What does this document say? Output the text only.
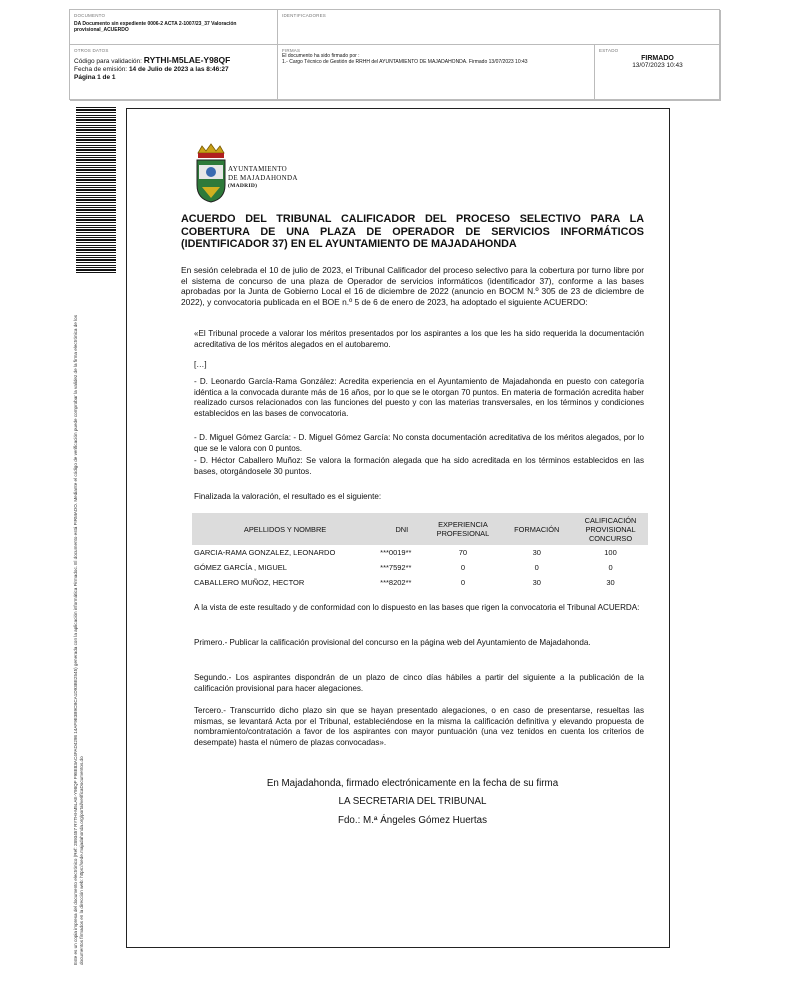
DOCUMENTO
DA Documento sin expediente 0006-2 ACTA 2-1007/23_37 Valoración provisional_ACUERDO
IDENTIFICADORES
OTROS DATOS
Código para validación: RYTHI-M5LAE-Y98QF
Fecha de emisión: 14 de Julio de 2023 a las 8:46:27
Página 1 de 1
FIRMAS
El documento ha sido firmado por :
1.- Cargo Técnico de Gestión de RRHH del AYUNTAMIENTO DE MAJADAHONDA. Firmado 13/07/2023 10:43
ESTADO
FIRMADO
13/07/2023 10:43
Este es un copia impresa del documento electrónico (Ref: 2893457 RYTHI-M5LAE-Y98QF F98E83AC4FAD4298 14AF9E3B9CBCA1D93BE2545) generada con la aplicación informática Firmadoc. El documento está FIRMADO. Mediante el código de verificación puede comprobar la validez de la firma electrónica de los documentos firmados en la dirección web: https://sede.majadahonda.org/portal/verificaDocumentos.do
AYUNTAMIENTO
DE MAJADAHONDA
(MADRID)
ACUERDO DEL TRIBUNAL CALIFICADOR DEL PROCESO SELECTIVO PARA LA COBERTURA DE UNA PLAZA DE OPERADOR DE SERVICIOS INFORMÁTICOS (IDENTIFICADOR 37) EN EL AYUNTAMIENTO DE MAJADAHONDA
En sesión celebrada el 10 de julio de 2023, el Tribunal Calificador del proceso selectivo para la cobertura por turno libre por el sistema de concurso de una plaza de Operador de servicios informáticos (identificador 37), conforme a las bases aprobadas por la Junta de Gobierno Local el 16 de diciembre de 2022 (anuncio en BOCM N.º 305 de 23 de diciembre de 2022), y convocatoria publicada en el BOE n.º 5 de 6 de enero de 2023, ha adoptado el siguiente ACUERDO:
«El Tribunal procede a valorar los méritos presentados por los aspirantes a los que les ha sido requerida la documentación acreditativa de los méritos alegados en el autobaremo.
[…]
- D. Leonardo García-Rama González: Acredita experiencia en el Ayuntamiento de Majadahonda en puesto con categoría idéntica a la convocada durante más de 16 años, por lo que se le otorgan 70 puntos. En materia de formación acredita haber realizado cursos relacionados con las funciones del puesto y con las materias transversales, en los términos y condiciones establecidos en las bases de convocatoria.
- D. Miguel Gómez García: - D. Miguel Gómez García: No consta documentación acreditativa de los méritos alegados, por lo que se le valora con 0 puntos.
- D. Héctor Caballero Muñoz: Se valora la formación alegada que ha sido acreditada en los términos establecidos en las bases, otorgándosele 30 puntos.
Finalizada la valoración, el resultado es el siguiente:
APELLIDOS Y NOMBRE	DNI	EXPERIENCIA PROFESIONAL	FORMACIÓN	CALIFICACIÓN PROVISIONAL CONCURSO
GARCIA-RAMA GONZALEZ, LEONARDO	***0019**	70	30	100
GÓMEZ GARCÍA , MIGUEL	***7592**	0	0	0
CABALLERO MUÑOZ, HECTOR	***8202**	0	30	30
A la vista de este resultado y de conformidad con lo dispuesto en las bases que rigen la convocatoria el Tribunal ACUERDA:
Primero.- Publicar la calificación provisional del concurso en la página web del Ayuntamiento de Majadahonda.
Segundo.- Los aspirantes dispondrán de un plazo de cinco días hábiles a partir del siguiente a la publicación de la calificación provisional para hacer alegaciones.
Tercero.- Transcurrido dicho plazo sin que se hayan presentado alegaciones, o en caso de presentarse, resueltas las mismas, se levantará Acta por el Tribunal, estableciéndose en la misma la calificación definitiva y elevando propuesta de nombramiento/contratación a favor de los aspirantes con mayor puntuación (una vez tenidos en cuenta los criterios de desempate) hasta el número de plazas convocadas».
En Majadahonda, firmado electrónicamente en la fecha de su firma
LA SECRETARIA DEL TRIBUNAL
Fdo.: M.ª Ángeles Gómez Huertas
